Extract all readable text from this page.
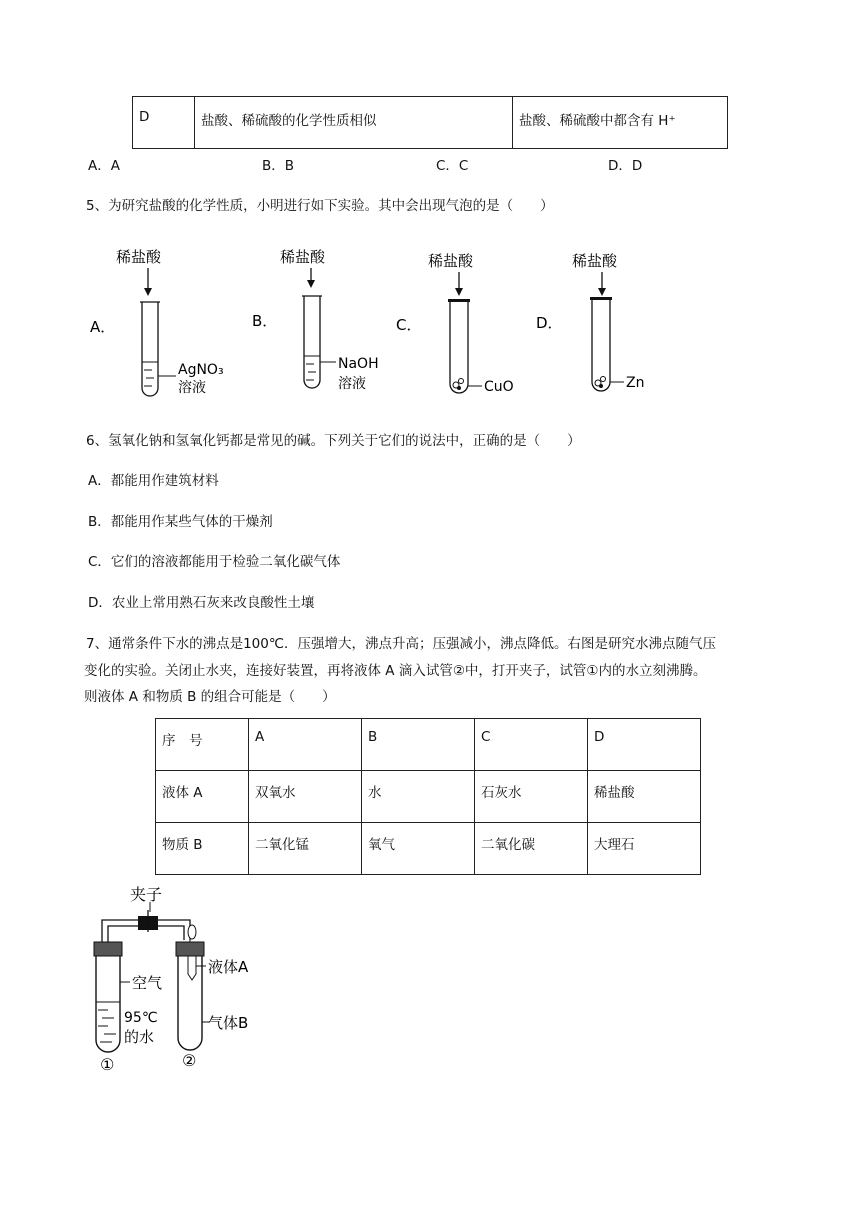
D	盐酸、稀硫酸的化学性质相似	盐酸、稀硫酸中都含有 H⁺
A．A	B．B	C．C	D．D
5、为研究盐酸的化学性质，小明进行如下实验。其中会出现气泡的是（　　）
稀盐酸
A．
AgNO₃
溶液
稀盐酸
B．
NaOH
溶液
稀盐酸
C．
CuO
稀盐酸
D．
Zn
6、氢氧化钠和氢氧化钙都是常见的碱。下列关于它们的说法中，正确的是（　　）
A．都能用作建筑材料
B．都能用作某些气体的干燥剂
C．它们的溶液都能用于检验二氧化碳气体
D．农业上常用熟石灰来改良酸性土壤
7、通常条件下水的沸点是100℃．压强增大，沸点升高；压强减小，沸点降低。右图是研究水沸点随气压
变化的实验。关闭止水夹，连接好装置，再将液体 A 滴入试管②中，打开夹子，试管①内的水立刻沸腾。
则液体 A 和物质 B 的组合可能是（　　）
序　号	A	B	C	D

液体 A	双氧水	水	石灰水	稀盐酸

物质 B	二氧化锰	氧气	二氧化碳	大理石
夹子
空气
95℃
的水
①
液体A
气体B
②
